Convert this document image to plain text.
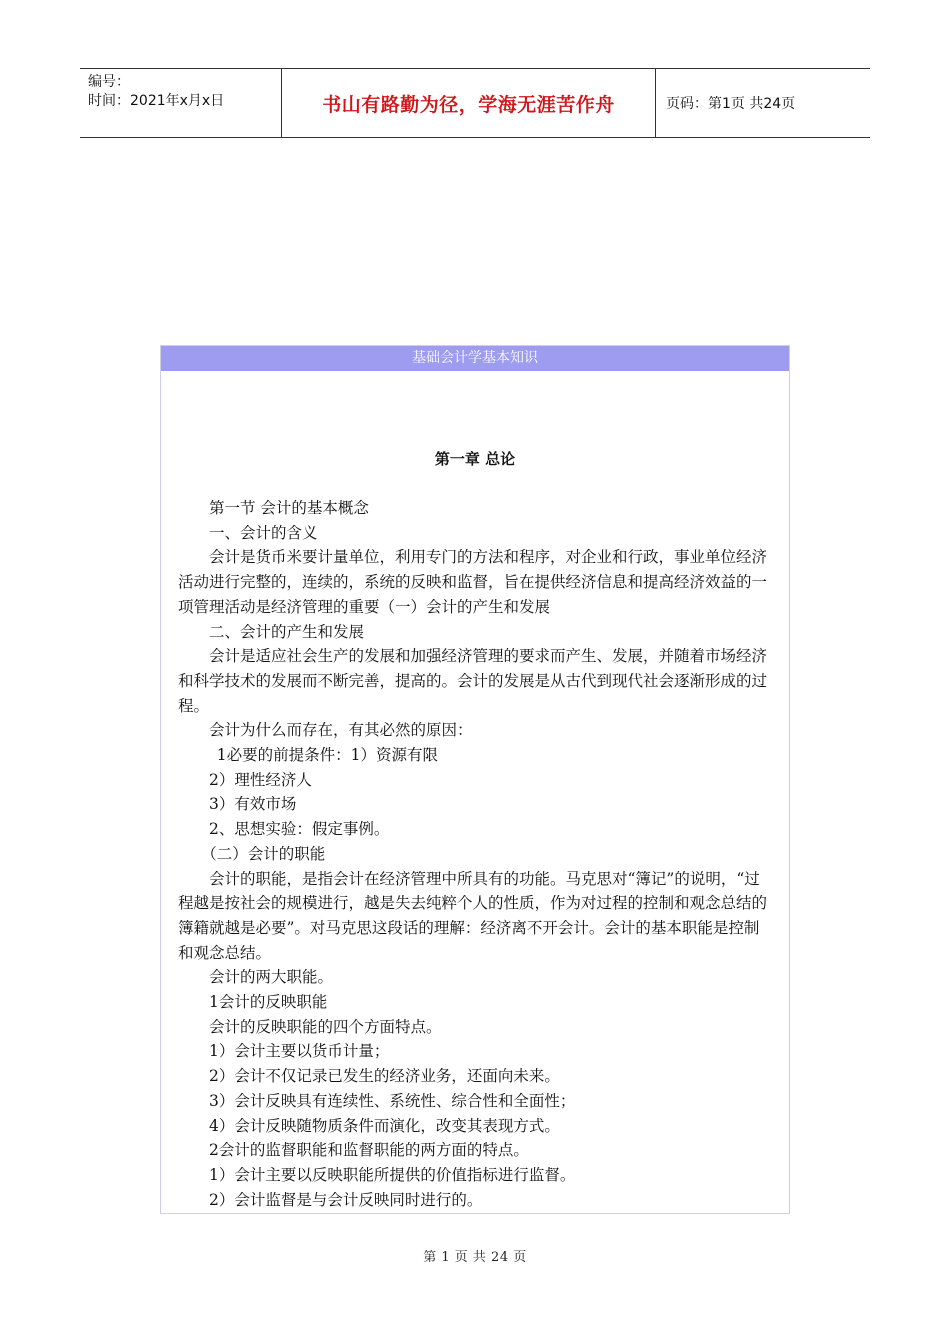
编号：
时间：2021年x月x日	书山有路勤为径，学海无涯苦作舟	页码：第1页 共24页
基础会计学基本知识
第一章 总论

第一节 会计的基本概念

一、会计的含义

会计是货币米要计量单位，利用专门的方法和程序，对企业和行政，事业单位经济活动进行完整的，连续的，系统的反映和监督，旨在提供经济信息和提高经济效益的一项管理活动是经济管理的重要（一）会计的产生和发展

二、会计的产生和发展

会计是适应社会生产的发展和加强经济管理的要求而产生、发展，并随着市场经济和科学技术的发展而不断完善，提高的。会计的发展是从古代到现代社会逐渐形成的过程。

会计为什么而存在，有其必然的原因：

1必要的前提条件：1）资源有限

2）理性经济人

3）有效市场

2、思想实验：假定事例。

（二）会计的职能

会计的职能，是指会计在经济管理中所具有的功能。马克思对“簿记”的说明，“过程越是按社会的规模进行，越是失去纯粹个人的性质，作为对过程的控制和观念总结的簿籍就越是必要”。对马克思这段话的理解：经济离不开会计。会计的基本职能是控制和观念总结。

会计的两大职能。

1会计的反映职能

会计的反映职能的四个方面特点。

1）会计主要以货币计量；

2）会计不仅记录已发生的经济业务，还面向未来。

3）会计反映具有连续性、系统性、综合性和全面性；

4）会计反映随物质条件而演化，改变其表现方式。

2会计的监督职能和监督职能的两方面的特点。

1）会计主要以反映职能所提供的价值指标进行监督。

2）会计监督是与会计反映同时进行的。

第 1 页 共 24 页
